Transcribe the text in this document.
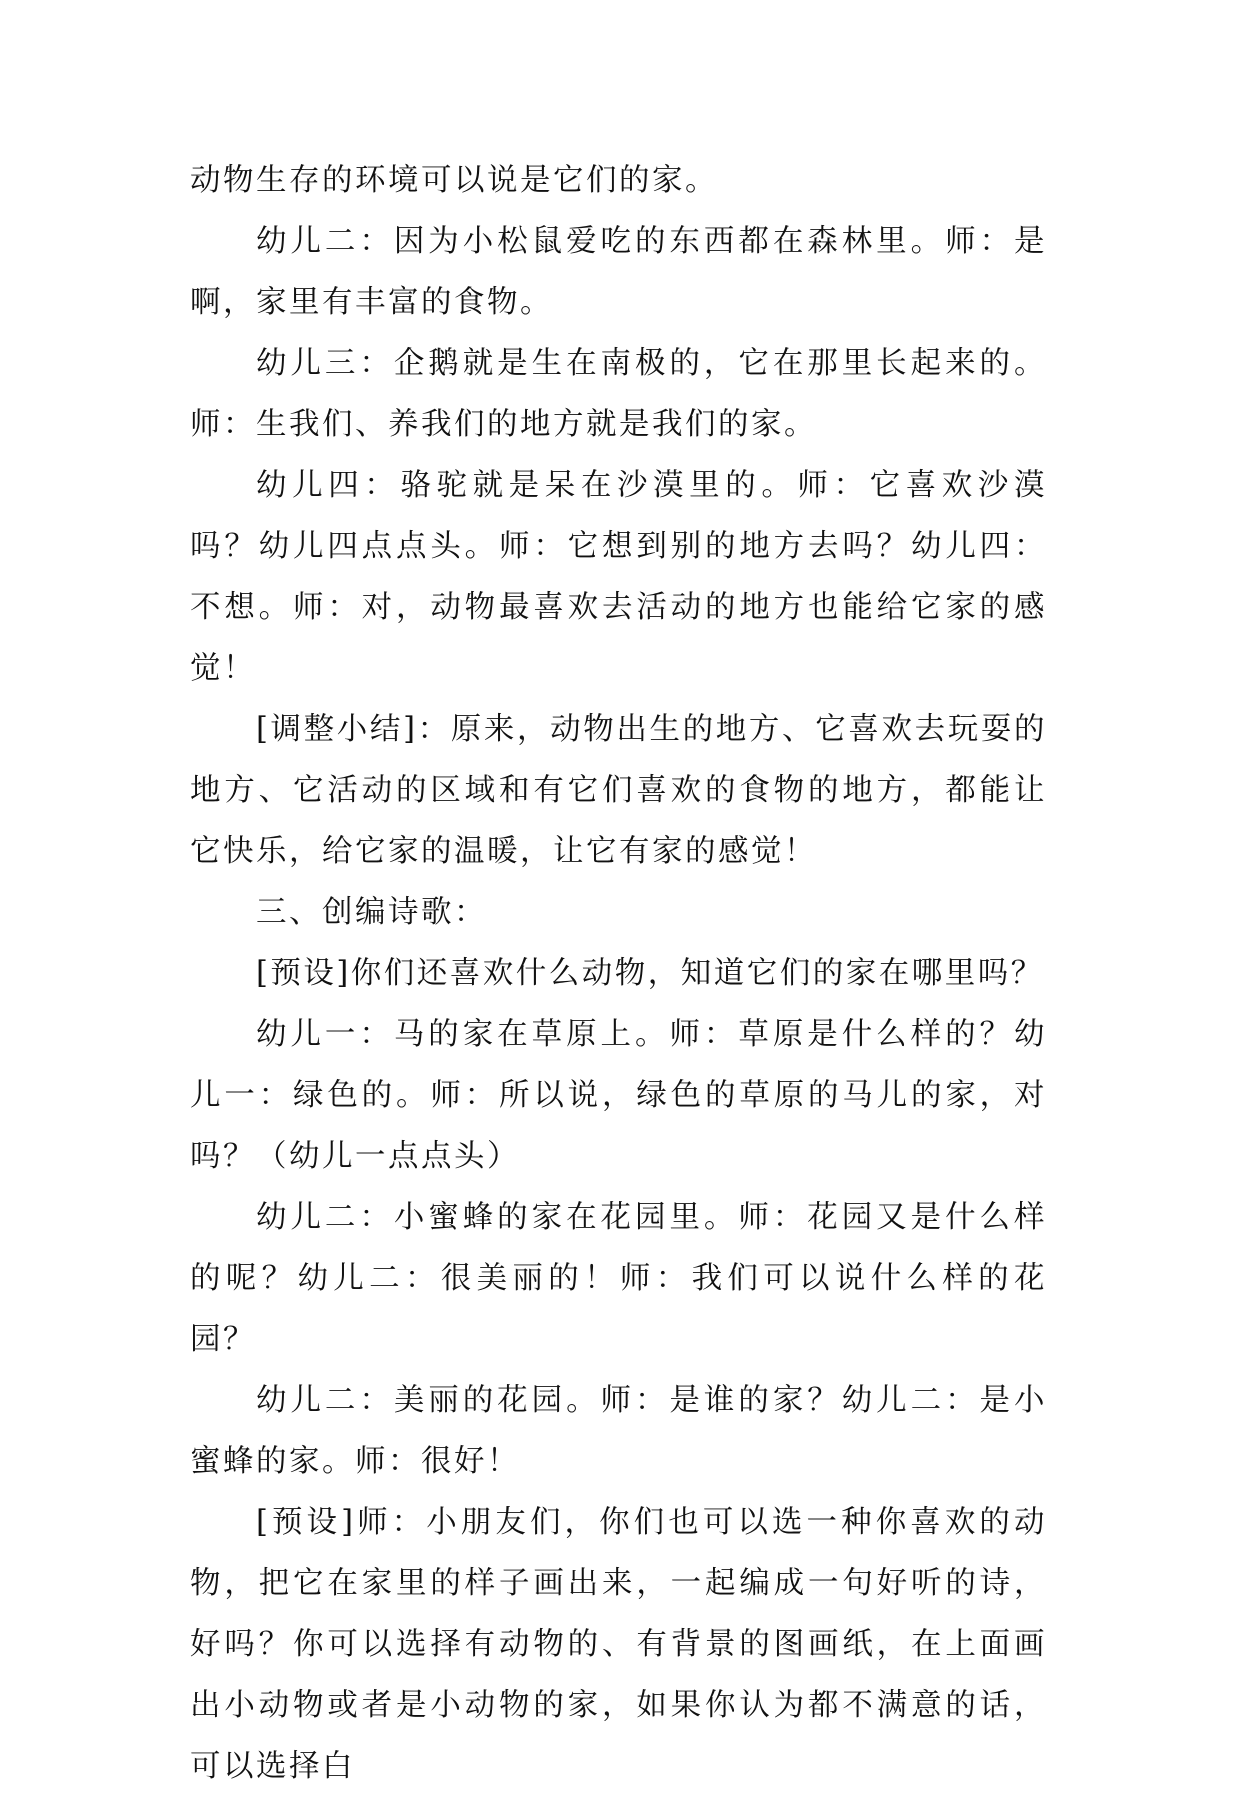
动物生存的环境可以说是它们的家。

幼儿二：因为小松鼠爱吃的东西都在森林里。师：是啊，家里有丰富的食物。

幼儿三：企鹅就是生在南极的，它在那里长起来的。师：生我们、养我们的地方就是我们的家。

幼儿四：骆驼就是呆在沙漠里的。师：它喜欢沙漠吗？幼儿四点点头。师：它想到别的地方去吗？幼儿四：不想。师：对，动物最喜欢去活动的地方也能给它家的感觉！

[调整小结]：原来，动物出生的地方、它喜欢去玩耍的地方、它活动的区域和有它们喜欢的食物的地方，都能让它快乐，给它家的温暖，让它有家的感觉！

三、创编诗歌：

[预设]你们还喜欢什么动物，知道它们的家在哪里吗？

幼儿一：马的家在草原上。师：草原是什么样的？幼儿一：绿色的。师：所以说，绿色的草原的马儿的家，对吗？（幼儿一点点头）

幼儿二：小蜜蜂的家在花园里。师：花园又是什么样的呢？幼儿二：很美丽的！师：我们可以说什么样的花园？

幼儿二：美丽的花园。师：是谁的家？幼儿二：是小蜜蜂的家。师：很好！

[预设]师：小朋友们，你们也可以选一种你喜欢的动物，把它在家里的样子画出来，一起编成一句好听的诗，好吗？你可以选择有动物的、有背景的图画纸，在上面画出小动物或者是小动物的家，如果你认为都不满意的话，可以选择白
